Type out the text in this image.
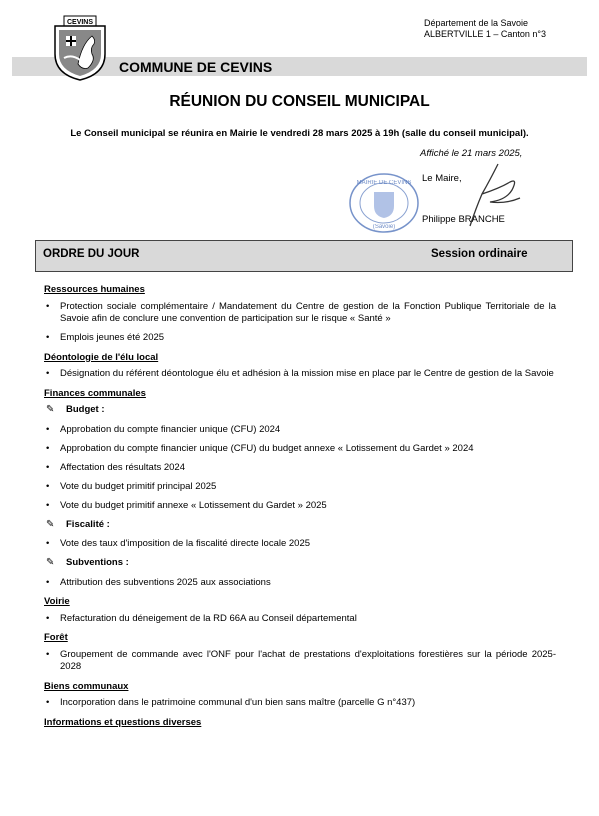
Département de la Savoie
ALBERTVILLE 1 – Canton n°3
COMMUNE DE CEVINS
CEVINS
RÉUNION DU CONSEIL MUNICIPAL
Le Conseil municipal se réunira en Mairie le vendredi 28 mars 2025 à 19h (salle du conseil municipal).
Affiché le 21 mars 2025,
MAIRIE DE CEVINS
(Savoie)
Le Maire,
Philippe BRANCHE
ORDRE DU JOUR	Session ordinaire
Ressources humaines
• Protection sociale complémentaire / Mandatement du Centre de gestion de la Fonction Publique Territoriale de la Savoie afin de conclure une convention de participation sur le risque « Santé »
• Emplois jeunes été 2025
Déontologie de l'élu local
• Désignation du référent déontologue élu et adhésion à la mission mise en place par le Centre de gestion de la Savoie
Finances communales
✎ Budget :
• Approbation du compte financier unique (CFU) 2024
• Approbation du compte financier unique (CFU) du budget annexe « Lotissement du Gardet » 2024
• Affectation des résultats 2024
• Vote du budget primitif principal 2025
• Vote du budget primitif annexe « Lotissement du Gardet » 2025
✎ Fiscalité :
• Vote des taux d'imposition de la fiscalité directe locale 2025
✎ Subventions :
• Attribution des subventions 2025 aux associations
Voirie
• Refacturation du déneigement de la RD 66A au Conseil départemental
Forêt
• Groupement de commande avec l'ONF pour l'achat de prestations d'exploitations forestières sur la période 2025-2028
Biens communaux
• Incorporation dans le patrimoine communal d'un bien sans maître (parcelle G n°437)
Informations et questions diverses
